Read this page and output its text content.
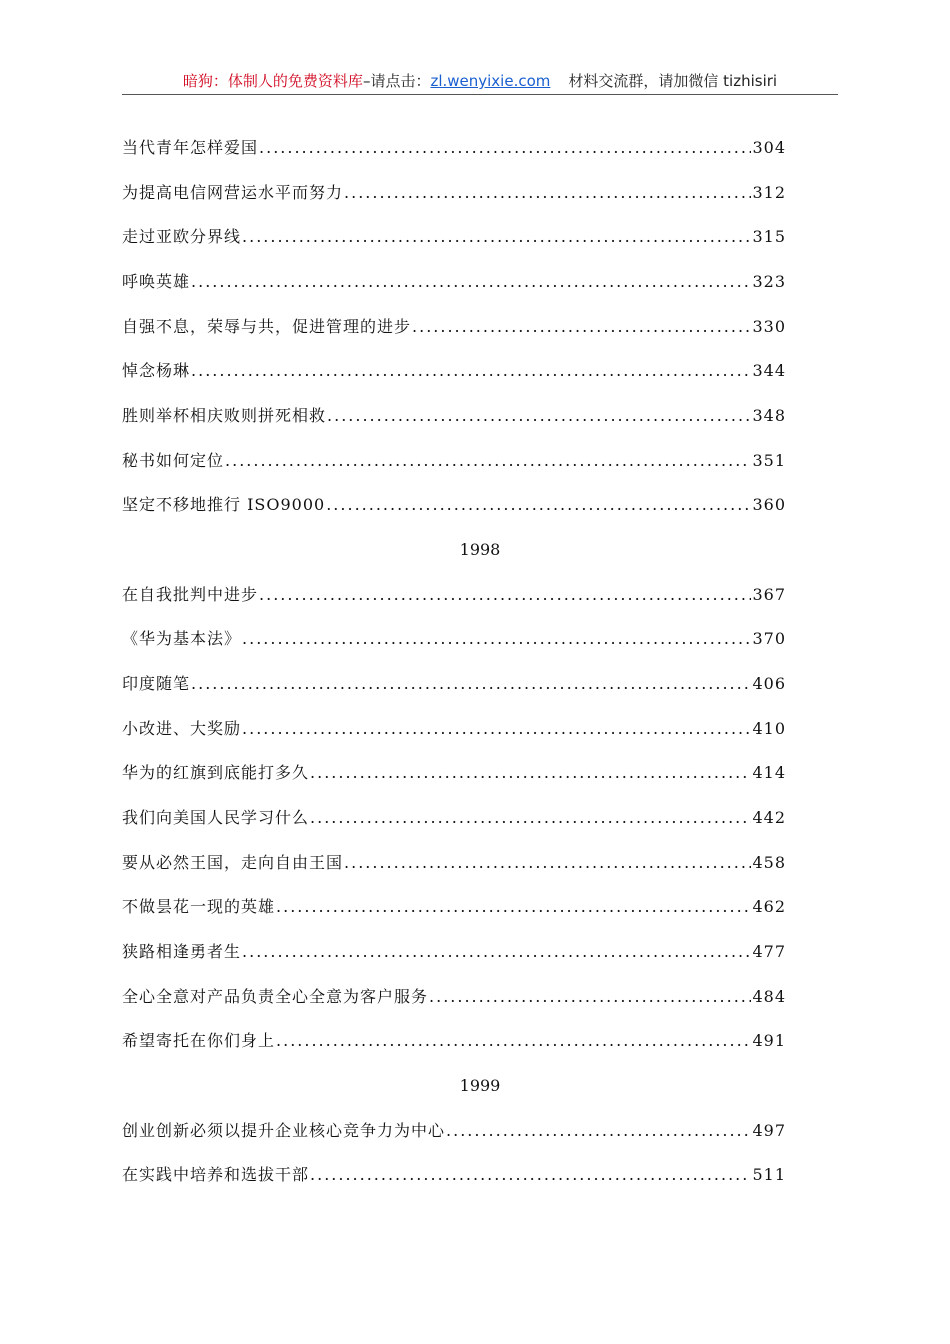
暗狗：体制人的免费资料库–请点击：zl.wenyixie.com 材料交流群，请加微信 tizhisiri
当代青年怎样爱国 .....	304
为提高电信网营运水平而努力 .....	312
走过亚欧分界线 .....	315
呼唤英雄 .....	323
自强不息，荣辱与共，促进管理的进步 .....	330
悼念杨琳 .....	344
胜则举杯相庆败则拼死相救 .....	348
秘书如何定位 .....	351
坚定不移地推行 ISO9000 .....	360
1998
在自我批判中进步 .....	367
《华为基本法》 .....	370
印度随笔 .....	406
小改进、大奖励 .....	410
华为的红旗到底能打多久 .....	414
我们向美国人民学习什么 .....	442
要从必然王国，走向自由王国 .....	458
不做昙花一现的英雄 .....	462
狭路相逢勇者生 .....	477
全心全意对产品负责全心全意为客户服务 .....	484
希望寄托在你们身上 .....	491
1999
创业创新必须以提升企业核心竞争力为中心 .....	497
在实践中培养和选拔干部 .....	511
